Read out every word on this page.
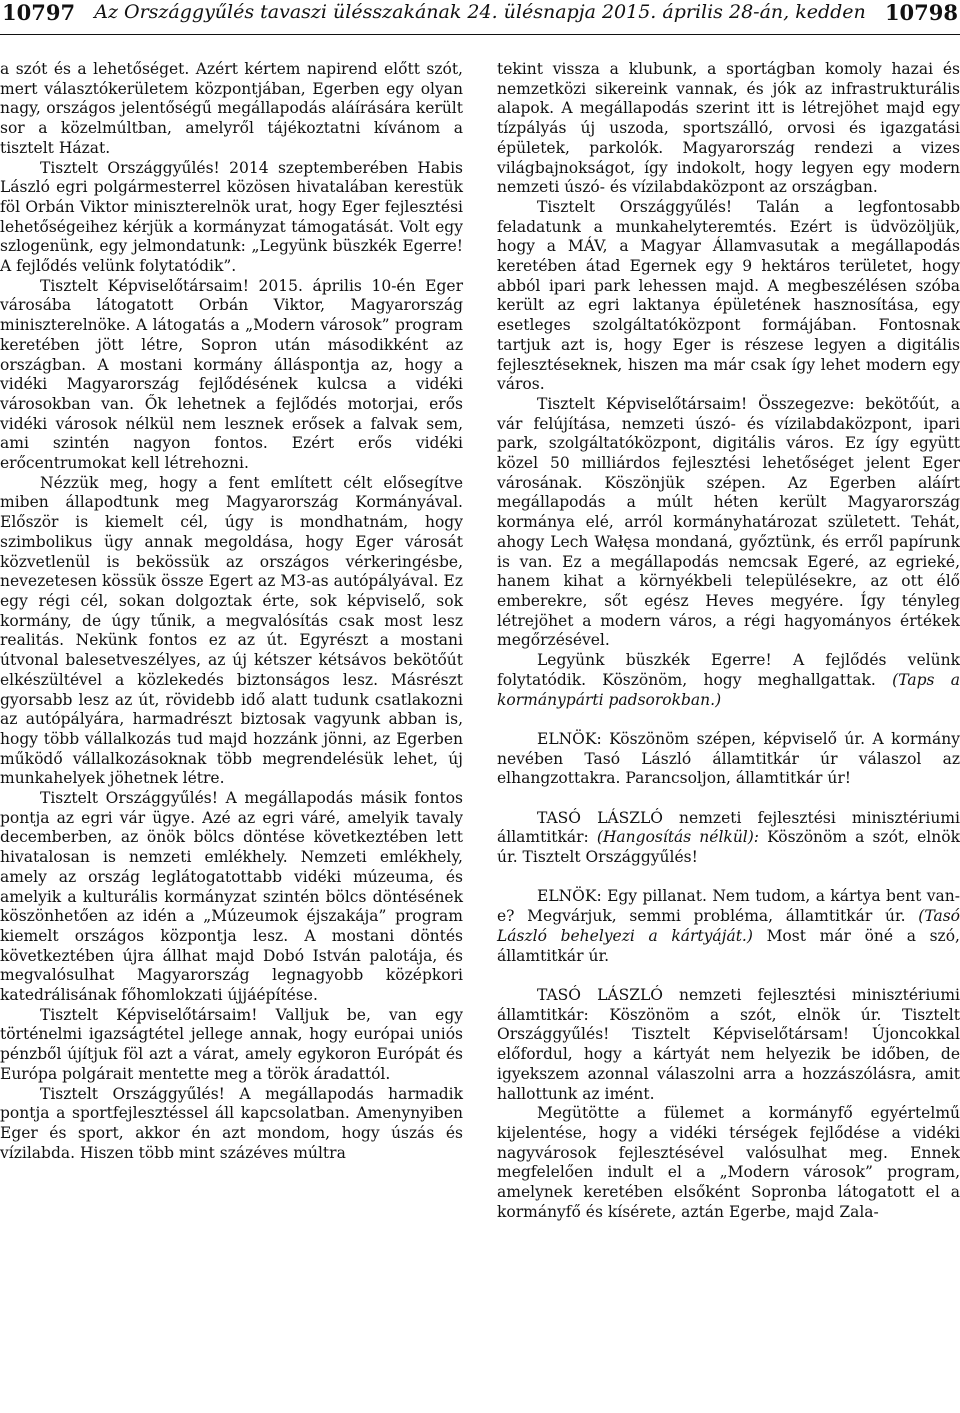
10797	Az Országgyűlés tavaszi ülésszakának 24. ülésnapja 2015. április 28-án, kedden 10798

a szót és a lehetőséget. Azért kértem napirend előtt szót, mert választókerületem központjában, Egerben egy olyan nagy, országos jelentőségű megállapodás aláírására került sor a közelmúltban, amelyről tájékoztatni kívánom a tisztelt Házat.

Tisztelt Országgyűlés! 2014 szeptemberében Habis László egri polgármesterrel közösen hivatalában kerestük föl Orbán Viktor miniszterelnök urat, hogy Eger fejlesztési lehetőségeihez kérjük a kormányzat támogatását. Volt egy szlogenünk, egy jelmondatunk: „Legyünk büszkék Egerre! A fejlődés velünk folytatódik”.

Tisztelt Képviselőtársaim! 2015. április 10-én Eger városába látogatott Orbán Viktor, Magyarország miniszterelnöke. A látogatás a „Modern városok” program keretében jött létre, Sopron után másodikként az országban. A mostani kormány álláspontja az, hogy a vidéki Magyarország fejlődésének kulcsa a vidéki városokban van. Ők lehetnek a fejlődés motorjai, erős vidéki városok nélkül nem lesznek erősek a falvak sem, ami szintén nagyon fontos. Ezért erős vidéki erőcentrumokat kell létrehozni.

Nézzük meg, hogy a fent említett célt elősegítve miben állapodtunk meg Magyarország Kormányával. Először is kiemelt cél, úgy is mondhatnám, hogy szimbolikus ügy annak megoldása, hogy Eger városát közvetlenül is bekössük az országos vérkeringésbe, nevezetesen kössük össze Egert az M3-as autópályával. Ez egy régi cél, sokan dolgoztak érte, sok képviselő, sok kormány, de úgy tűnik, a megvalósítás csak most lesz realitás. Nekünk fontos ez az út. Egyrészt a mostani útvonal balesetveszélyes, az új kétszer kétsávos bekötőút elkészültével a közlekedés biztonságos lesz. Másrészt gyorsabb lesz az út, rövidebb idő alatt tudunk csatlakozni az autópályára, harmadrészt biztosak vagyunk abban is, hogy több vállalkozás tud majd hozzánk jönni, az Egerben működő vállalkozásoknak több megrendelésük lehet, új munkahelyek jöhetnek létre.

Tisztelt Országgyűlés! A megállapodás másik fontos pontja az egri vár ügye. Azé az egri váré, amelyik tavaly decemberben, az önök bölcs döntése következtében lett hivatalosan is nemzeti emlékhely. Nemzeti emlékhely, amely az ország leglátogatottabb vidéki múzeuma, és amelyik a kulturális kormányzat szintén bölcs döntésének köszönhetően az idén a „Múzeumok éjszakája” program kiemelt országos központja lesz. A mostani döntés következtében újra állhat majd Dobó István palotája, és megvalósulhat Magyarország legnagyobb középkori katedrálisának főhomlokzati újjáépítése.

Tisztelt Képviselőtársaim! Valljuk be, van egy történelmi igazságtétel jellege annak, hogy európai uniós pénzből újítjuk föl azt a várat, amely egykoron Európát és Európa polgárait mentette meg a török áradattól.

Tisztelt Országgyűlés! A megállapodás harmadik pontja a sportfejlesztéssel áll kapcsolatban. Amenynyiben Eger és sport, akkor én azt mondom, hogy úszás és vízilabda. Hiszen több mint százéves múltra

tekint vissza a klubunk, a sportágban komoly hazai és nemzetközi sikereink vannak, és jók az infrastrukturális alapok. A megállapodás szerint itt is létrejöhet majd egy tízpályás új uszoda, sportszálló, orvosi és igazgatási épületek, parkolók. Magyarország rendezi a vizes világbajnokságot, így indokolt, hogy legyen egy modern nemzeti úszó- és vízilabdaközpont az országban.

Tisztelt Országgyűlés! Talán a legfontosabb feladatunk a munkahelyteremtés. Ezért is üdvözöljük, hogy a MÁV, a Magyar Államvasutak a megállapodás keretében átad Egernek egy 9 hektáros területet, hogy abból ipari park lehessen majd. A megbeszélésen szóba került az egri laktanya épületének hasznosítása, egy esetleges szolgáltatóközpont formájában. Fontosnak tartjuk azt is, hogy Eger is részese legyen a digitális fejlesztéseknek, hiszen ma már csak így lehet modern egy város.

Tisztelt Képviselőtársaim! Összegezve: bekötőút, a vár felújítása, nemzeti úszó- és vízilabdaközpont, ipari park, szolgáltatóközpont, digitális város. Ez így együtt közel 50 milliárdos fejlesztési lehetőséget jelent Eger városának. Köszönjük szépen. Az Egerben aláírt megállapodás a múlt héten került Magyarország kormánya elé, arról kormányhatározat született. Tehát, ahogy Lech Wałęsa mondaná, győztünk, és erről papírunk is van. Ez a megállapodás nemcsak Egeré, az egrieké, hanem kihat a környékbeli településekre, az ott élő emberekre, sőt egész Heves megyére. Így tényleg létrejöhet a modern város, a régi hagyományos értékek megőrzésével.

Legyünk büszkék Egerre! A fejlődés velünk folytatódik. Köszönöm, hogy meghallgattak. (Taps a kormánypárti padsorokban.)

ELNÖK: Köszönöm szépen, képviselő úr. A kormány nevében Tasó László államtitkár úr válaszol az elhangzottakra. Parancsoljon, államtitkár úr!

TASÓ LÁSZLÓ nemzeti fejlesztési minisztériumi államtitkár: (Hangosítás nélkül): Köszönöm a szót, elnök úr. Tisztelt Országgyűlés!

ELNÖK: Egy pillanat. Nem tudom, a kártya bent van-e? Megvárjuk, semmi probléma, államtitkár úr. (Tasó László behelyezi a kártyáját.) Most már öné a szó, államtitkár úr.

TASÓ LÁSZLÓ nemzeti fejlesztési minisztériumi államtitkár: Köszönöm a szót, elnök úr. Tisztelt Országgyűlés! Tisztelt Képviselőtársam! Újoncokkal előfordul, hogy a kártyát nem helyezik be időben, de igyekszem azonnal válaszolni arra a hozzászólásra, amit hallottunk az imént.

Megütötte a fülemet a kormányfő egyértelmű kijelentése, hogy a vidéki térségek fejlődése a vidéki nagyvárosok fejlesztésével valósulhat meg. Ennek megfelelően indult el a „Modern városok” program, amelynek keretében elsőként Sopronba látogatott el a kormányfő és kísérete, aztán Egerbe, majd Zala-
